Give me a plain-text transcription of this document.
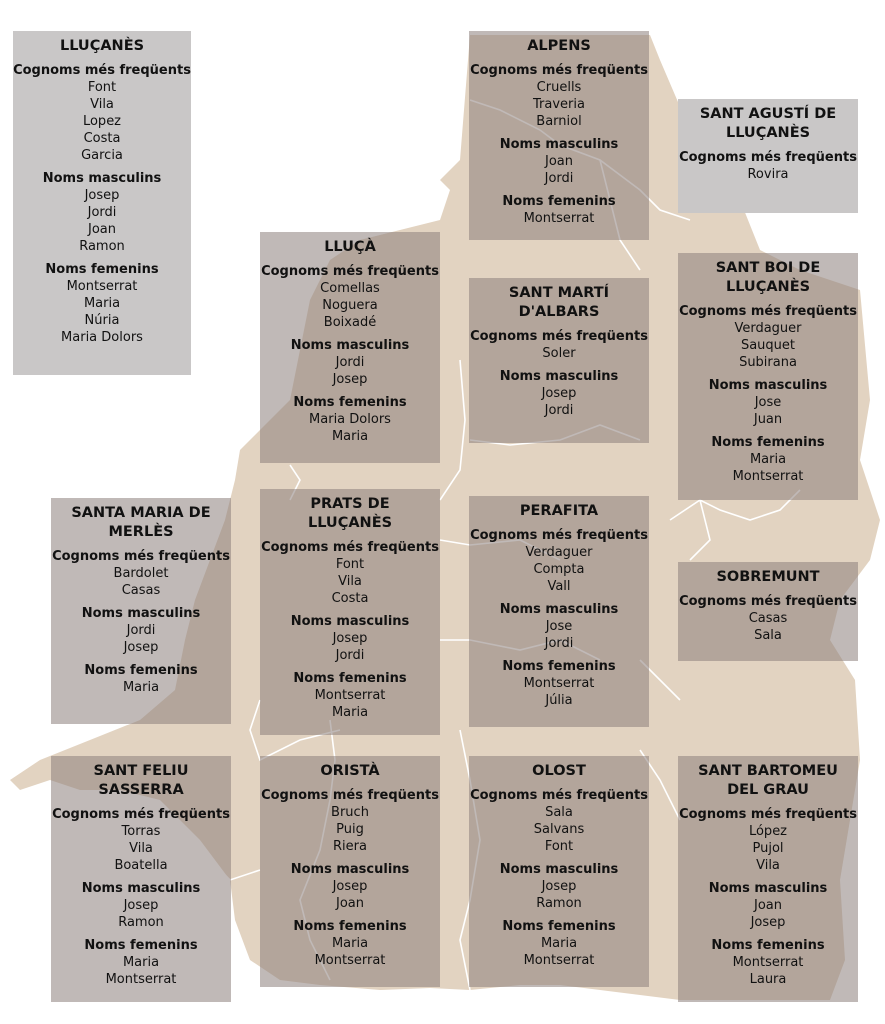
LLUÇANÈS
Cognoms més freqüents
Font
Vila
Lopez
Costa
Garcia
Noms masculins
Josep
Jordi
Joan
Ramon
Noms femenins
Montserrat
Maria
Núria
Maria Dolors
ALPENS
Cognoms més freqüents
Cruells
Traveria
Barniol
Noms masculins
Joan
Jordi
Noms femenins
Montserrat
SANT AGUSTÍ DE LLUÇANÈS
Cognoms més freqüents
Rovira
LLUÇÀ
Cognoms més freqüents
Comellas
Noguera
Boixadé
Noms masculins
Jordi
Josep
Noms femenins
Maria Dolors
Maria
SANT MARTÍ D'ALBARS
Cognoms més freqüents
Soler
Noms masculins
Josep
Jordi
SANT BOI DE LLUÇANÈS
Cognoms més freqüents
Verdaguer
Sauquet
Subirana
Noms masculins
Jose
Juan
Noms femenins
Maria
Montserrat
SANTA MARIA DE MERLÈS
Cognoms més freqüents
Bardolet
Casas
Noms masculins
Jordi
Josep
Noms femenins
Maria
PRATS DE LLUÇANÈS
Cognoms més freqüents
Font
Vila
Costa
Noms masculins
Josep
Jordi
Noms femenins
Montserrat
Maria
PERAFITA
Cognoms més freqüents
Verdaguer
Compta
Vall
Noms masculins
Jose
Jordi
Noms femenins
Montserrat
Júlia
SOBREMUNT
Cognoms més freqüents
Casas
Sala
SANT FELIU SASSERRA
Cognoms més freqüents
Torras
Vila
Boatella
Noms masculins
Josep
Ramon
Noms femenins
Maria
Montserrat
ORISTÀ
Cognoms més freqüents
Bruch
Puig
Riera
Noms masculins
Josep
Joan
Noms femenins
Maria
Montserrat
OLOST
Cognoms més freqüents
Sala
Salvans
Font
Noms masculins
Josep
Ramon
Noms femenins
Maria
Montserrat
SANT BARTOMEU DEL GRAU
Cognoms més freqüents
López
Pujol
Vila
Noms masculins
Joan
Josep
Noms femenins
Montserrat
Laura
